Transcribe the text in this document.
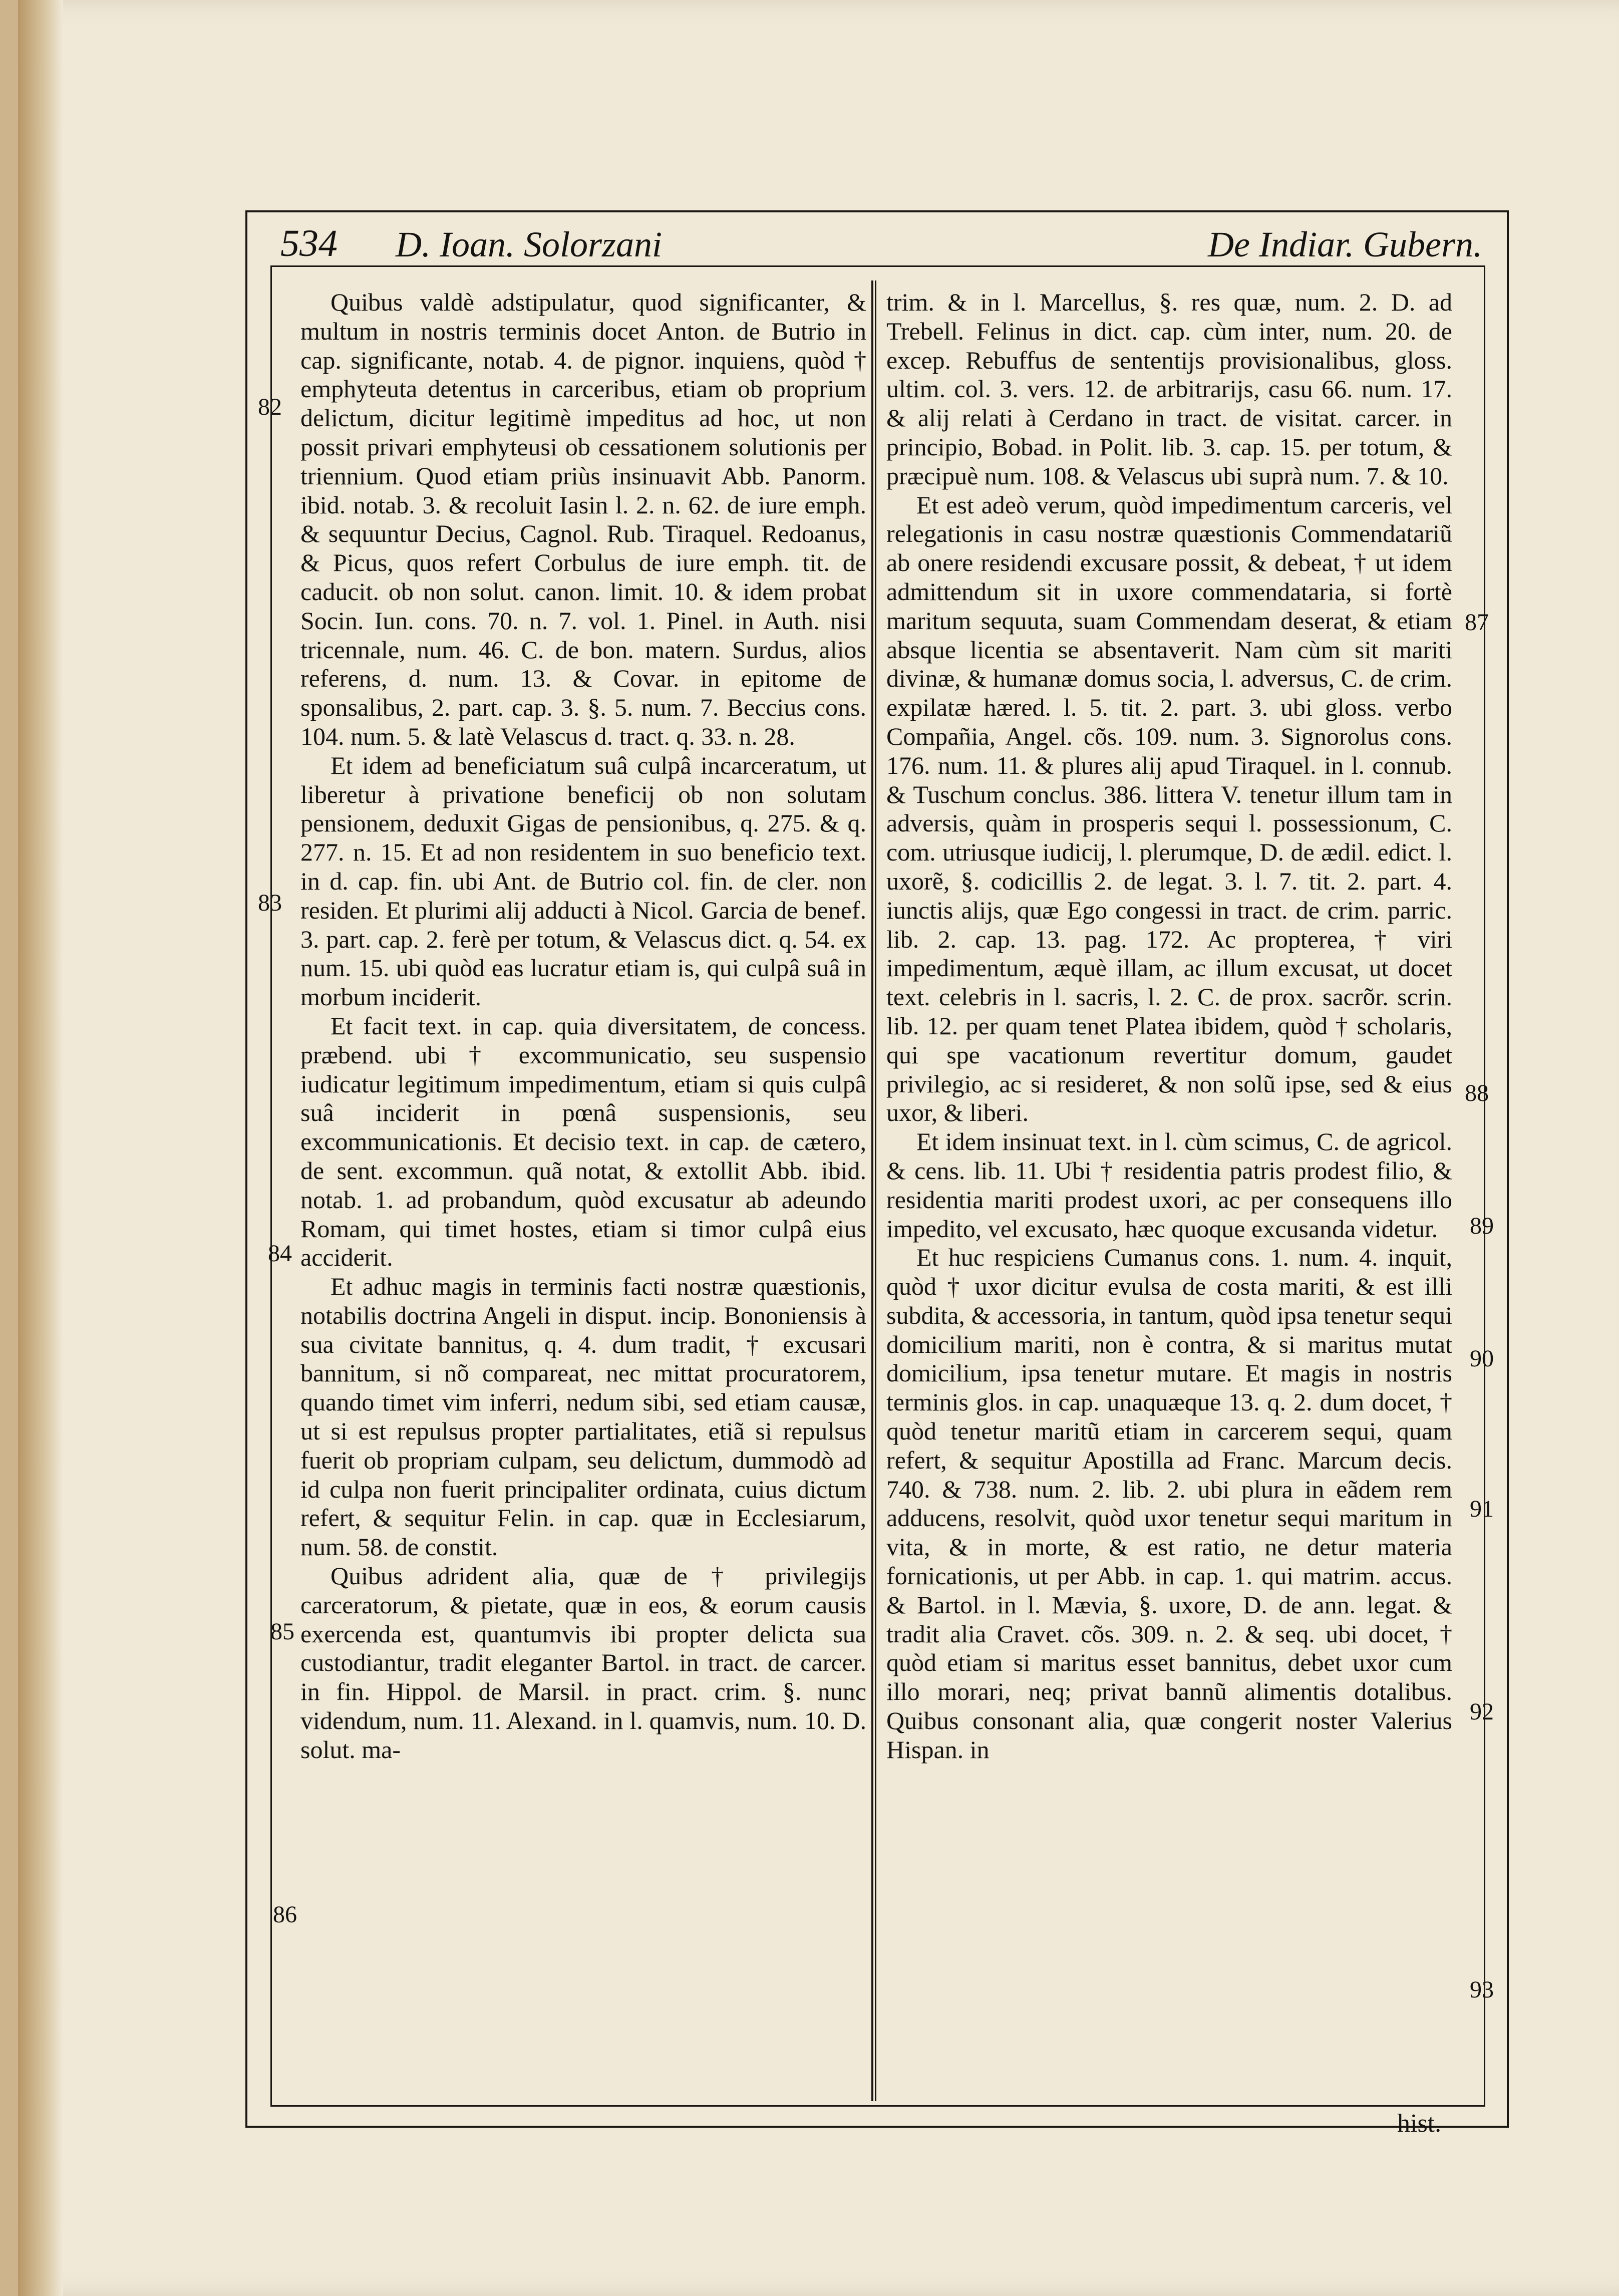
534	D. Ioan. Solorzani	De Indiar. Gubern.

Quibus valdè adstipulatur, quod significanter, & multum in nostris terminis docet Anton. de Butrio in cap. significante, notab. 4. de pignor. inquiens, quòd † emphyteuta detentus in carceribus, etiam ob proprium delictum, dicitur legitimè impeditus ad hoc, ut non possit privari emphyteusi ob cessationem solutionis per triennium. Quod etiam priùs insinuavit Abb. Panorm. ibid. notab. 3. & recoluit Iasin l. 2. n. 62. de iure emph. & sequuntur Decius, Cagnol. Rub. Tiraquel. Redoanus, & Picus, quos refert Corbulus de iure emph. tit. de caducit. ob non solut. canon. limit. 10. & idem probat Socin. Iun. cons. 70. n. 7. vol. 1. Pinel. in Auth. nisi tricennale, num. 46. C. de bon. matern. Surdus, alios referens, d. num. 13. & Covar. in epitome de sponsalibus, 2. part. cap. 3. §. 5. num. 7. Beccius cons. 104. num. 5. & latè Velascus d. tract. q. 33. n. 28.

Et idem ad beneficiatum suâ culpâ incarceratum, ut liberetur à privatione beneficij ob non solutam pensionem, deduxit Gigas de pensionibus, q. 275. & q. 277. n. 15. Et ad non residentem in suo beneficio text. in d. cap. fin. ubi Ant. de Butrio col. fin. de cler. non residen. Et plurimi alij adducti à Nicol. Garcia de benef. 3. part. cap. 2. ferè per totum, & Velascus dict. q. 54. ex num. 15. ubi quòd eas lucratur etiam is, qui culpâ suâ in morbum inciderit.

Et facit text. in cap. quia diversitatem, de concess. præbend. ubi † excommunicatio, seu suspensio iudicatur legitimum impedimentum, etiam si quis culpâ suâ inciderit in pœnâ suspensionis, seu excommunicationis. Et decisio text. in cap. de cætero, de sent. excommun. quã notat, & extollit Abb. ibid. notab. 1. ad probandum, quòd excusatur ab adeundo Romam, qui timet hostes, etiam si timor culpâ eius acciderit.

Et adhuc magis in terminis facti nostræ quæstionis, notabilis doctrina Angeli in disput. incip. Bononiensis à sua civitate bannitus, q. 4. dum tradit, † excusari bannitum, si nõ compareat, nec mittat procuratorem, quando timet vim inferri, nedum sibi, sed etiam causæ, ut si est repulsus propter partialitates, etiã si repulsus fuerit ob propriam culpam, seu delictum, dummodò ad id culpa non fuerit principaliter ordinata, cuius dictum refert, & sequitur Felin. in cap. quæ in Ecclesiarum, num. 58. de constit.

Quibus adrident alia, quæ de † privilegijs carceratorum, & pietate, quæ in eos, & eorum causis exercenda est, quantumvis ibi propter delicta sua custodiantur, tradit eleganter Bartol. in tract. de carcer. in fin. Hippol. de Marsil. in pract. crim. §. nunc videndum, num. 11. Alexand. in l. quamvis, num. 10. D. solut. ma-

trim. & in l. Marcellus, §. res quæ, num. 2. D. ad Trebell. Felinus in dict. cap. cùm inter, num. 20. de excep. Rebuffus de sententijs provisionalibus, gloss. ultim. col. 3. vers. 12. de arbitrarijs, casu 66. num. 17. & alij relati à Cerdano in tract. de visitat. carcer. in principio, Bobad. in Polit. lib. 3. cap. 15. per totum, & præcipuè num. 108. & Velascus ubi suprà num. 7. & 10.

Et est adeò verum, quòd impedimentum carceris, vel relegationis in casu nostræ quæstionis Commendatariũ ab onere residendi excusare possit, & debeat, † ut idem admittendum sit in uxore commendataria, si fortè maritum sequuta, suam Commendam deserat, & etiam absque licentia se absentaverit. Nam cùm sit mariti divinæ, & humanæ domus socia, l. adversus, C. de crim. expilatæ hæred. l. 5. tit. 2. part. 3. ubi gloss. verbo Compañia, Angel. cõs. 109. num. 3. Signorolus cons. 176. num. 11. & plures alij apud Tiraquel. in l. connub. & Tuschum conclus. 386. littera V. tenetur illum tam in adversis, quàm in prosperis sequi l. possessionum, C. com. utriusque iudicij, l. plerumque, D. de ædil. edict. l. uxorẽ, §. codicillis 2. de legat. 3. l. 7. tit. 2. part. 4. iunctis alijs, quæ Ego congessi in tract. de crim. parric. lib. 2. cap. 13. pag. 172. Ac propterea, † viri impedimentum, æquè illam, ac illum excusat, ut docet text. celebris in l. sacris, l. 2. C. de prox. sacrõr. scrin. lib. 12. per quam tenet Platea ibidem, quòd † scholaris, qui spe vacationum revertitur domum, gaudet privilegio, ac si resideret, & non solũ ipse, sed & eius uxor, & liberi.

Et idem insinuat text. in l. cùm scimus, C. de agricol. & cens. lib. 11. Ubi † residentia patris prodest filio, & residentia mariti prodest uxori, ac per consequens illo impedito, vel excusato, hæc quoque excusanda videtur.

Et huc respiciens Cumanus cons. 1. num. 4. inquit, quòd † uxor dicitur evulsa de costa mariti, & est illi subdita, & accessoria, in tantum, quòd ipsa tenetur sequi domicilium mariti, non è contra, & si maritus mutat domicilium, ipsa tenetur mutare. Et magis in nostris terminis glos. in cap. unaquæque 13. q. 2. dum docet, † quòd tenetur maritũ etiam in carcerem sequi, quam refert, & sequitur Apostilla ad Franc. Marcum decis. 740. & 738. num. 2. lib. 2. ubi plura in eãdem rem adducens, resolvit, quòd uxor tenetur sequi maritum in vita, & in morte, & est ratio, ne detur materia fornicationis, ut per Abb. in cap. 1. qui matrim. accus. & Bartol. in l. Mævia, §. uxore, D. de ann. legat. & tradit alia Cravet. cõs. 309. n. 2. & seq. ubi docet, † quòd etiam si maritus esset bannitus, debet uxor cum illo morari, neq; privat bannũ alimentis dotalibus. Quibus consonant alia, quæ congerit noster Valerius Hispan. in

82
83
84
85
86
87
88
89
90
91
92
93
hist.
